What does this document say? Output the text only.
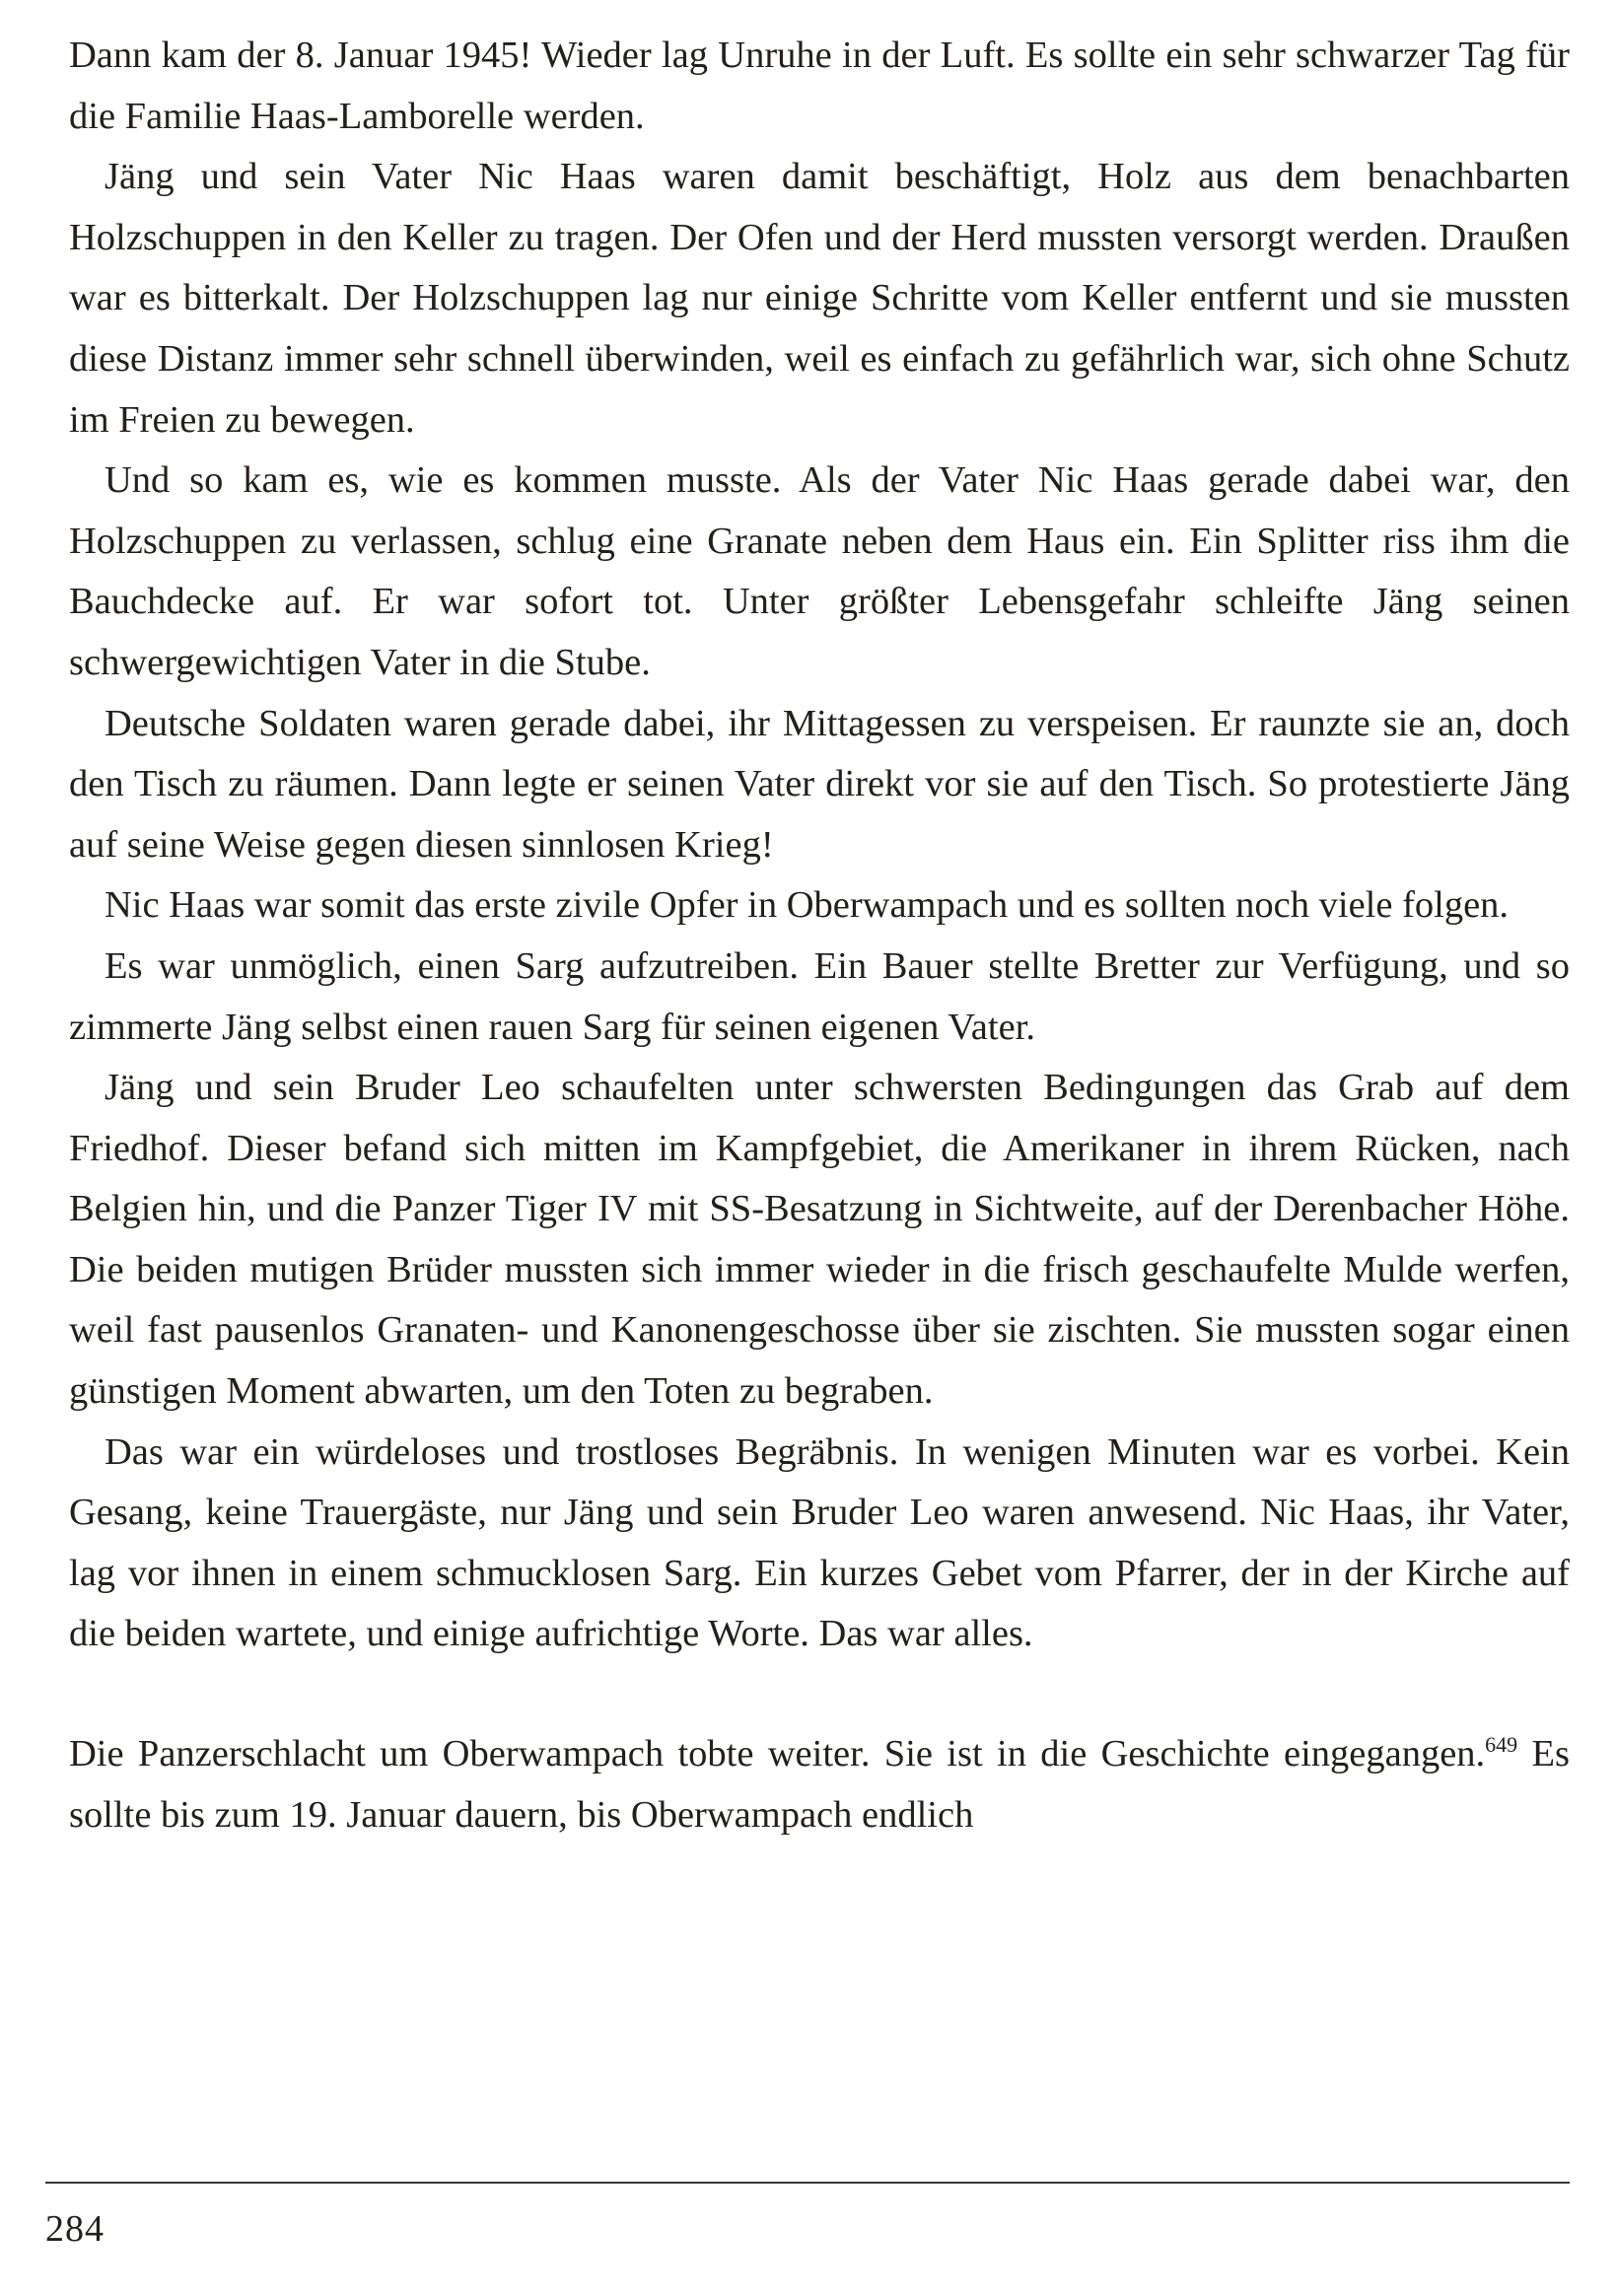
Dann kam der 8. Januar 1945! Wieder lag Unruhe in der Luft. Es sollte ein sehr schwarzer Tag für die Familie Haas-Lamborelle werden.

Jäng und sein Vater Nic Haas waren damit beschäftigt, Holz aus dem benachbarten Holzschuppen in den Keller zu tragen. Der Ofen und der Herd mussten versorgt werden. Draußen war es bitterkalt. Der Holzschuppen lag nur einige Schritte vom Keller entfernt und sie mussten diese Distanz immer sehr schnell überwinden, weil es einfach zu gefährlich war, sich ohne Schutz im Freien zu bewegen.

Und so kam es, wie es kommen musste. Als der Vater Nic Haas gerade dabei war, den Holzschuppen zu verlassen, schlug eine Granate neben dem Haus ein. Ein Splitter riss ihm die Bauchdecke auf. Er war sofort tot. Unter größter Lebensgefahr schleifte Jäng seinen schwergewichtigen Vater in die Stube.

Deutsche Soldaten waren gerade dabei, ihr Mittagessen zu verspeisen. Er raunzte sie an, doch den Tisch zu räumen. Dann legte er seinen Vater direkt vor sie auf den Tisch. So protestierte Jäng auf seine Weise gegen diesen sinnlosen Krieg!

Nic Haas war somit das erste zivile Opfer in Oberwampach und es sollten noch viele folgen.

Es war unmöglich, einen Sarg aufzutreiben. Ein Bauer stellte Bretter zur Verfügung, und so zimmerte Jäng selbst einen rauen Sarg für seinen eigenen Vater.

Jäng und sein Bruder Leo schaufelten unter schwersten Bedingungen das Grab auf dem Friedhof. Dieser befand sich mitten im Kampfgebiet, die Amerikaner in ihrem Rücken, nach Belgien hin, und die Panzer Tiger IV mit SS-Besatzung in Sichtweite, auf der Derenbacher Höhe. Die beiden mutigen Brüder mussten sich immer wieder in die frisch geschaufelte Mulde werfen, weil fast pausenlos Granaten- und Kanonengeschosse über sie zischten. Sie mussten sogar einen günstigen Moment abwarten, um den Toten zu begraben.

Das war ein würdeloses und trostloses Begräbnis. In wenigen Minuten war es vorbei. Kein Gesang, keine Trauergäste, nur Jäng und sein Bruder Leo waren anwesend. Nic Haas, ihr Vater, lag vor ihnen in einem schmucklosen Sarg. Ein kurzes Gebet vom Pfarrer, der in der Kirche auf die beiden wartete, und einige aufrichtige Worte. Das war alles.

Die Panzerschlacht um Oberwampach tobte weiter. Sie ist in die Geschichte eingegangen.$^{649}$ Es sollte bis zum 19. Januar dauern, bis Oberwampach endlich

284
